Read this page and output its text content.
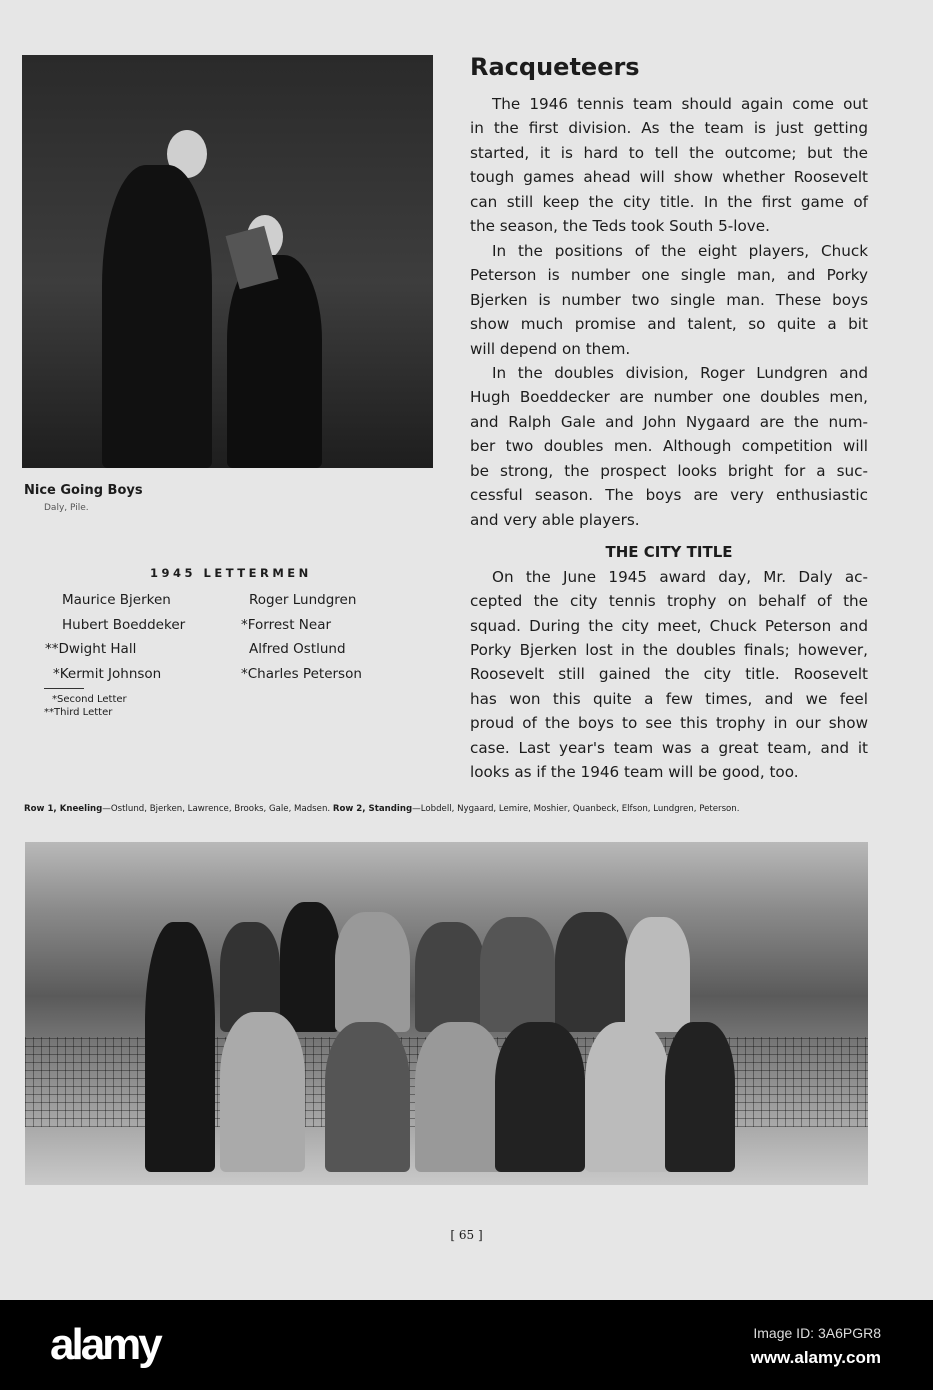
Nice Going Boys
Daly, Pile.
1945 LETTERMEN
Maurice Bjerken
Hubert Boeddeker
**Dwight Hall
*Kermit Johnson
Roger Lundgren
*Forrest Near
Alfred Ostlund
*Charles Peterson
*Second Letter
**Third Letter
Racqueteers
The 1946 tennis team should again come out
in the first division. As the team is just getting
started, it is hard to tell the outcome; but the
tough games ahead will show whether Roosevelt
can still keep the city title. In the first game of
the season, the Teds took South 5-love.
In the positions of the eight players, Chuck
Peterson is number one single man, and Porky
Bjerken is number two single man. These boys
show much promise and talent, so quite a bit
will depend on them.
In the doubles division, Roger Lundgren and
Hugh Boeddecker are number one doubles men,
and Ralph Gale and John Nygaard are the num-
ber two doubles men. Although competition will
be strong, the prospect looks bright for a suc-
cessful season. The boys are very enthusiastic
and very able players.
THE CITY TITLE
On the June 1945 award day, Mr. Daly ac-
cepted the city tennis trophy on behalf of the
squad. During the city meet, Chuck Peterson and
Porky Bjerken lost in the doubles finals; however,
Roosevelt still gained the city title. Roosevelt
has won this quite a few times, and we feel
proud of the boys to see this trophy in our show
case. Last year's team was a great team, and it
looks as if the 1946 team will be good, too.
Row 1, Kneeling—Ostlund, Bjerken, Lawrence, Brooks, Gale, Madsen. Row 2, Standing—Lobdell, Nygaard, Lemire, Moshier, Quanbeck, Elfson, Lundgren, Peterson.
[ 65 ]
alamy	Image ID: 3A6PGR8
www.alamy.com
